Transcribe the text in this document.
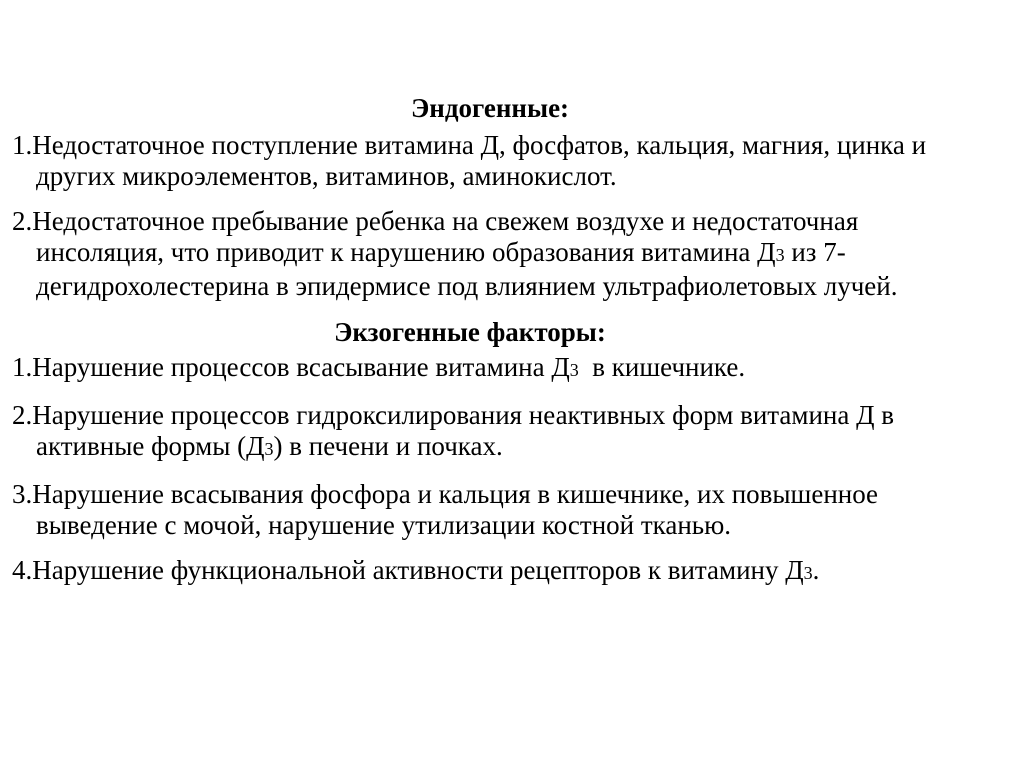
Эндогенные:

1.Недостаточное поступление витамина Д, фосфатов, кальция, магния, цинка и других микроэлементов, витаминов, аминокислот.
2.Недостаточное пребывание ребенка на свежем воздухе и недостаточная инсоляция, что приводит к нарушению образования витамина Д3 из 7-дегидрохолестерина в эпидермисе под влиянием ультрафиолетовых лучей.

Экзогенные факторы:

1.Нарушение процессов всасывание витамина Д3  в кишечнике.
2.Нарушение процессов гидроксилирования неактивных форм витамина Д в активные формы (Д3) в печени и почках.
3.Нарушение всасывания фосфора и кальция в кишечнике, их повышенное выведение с мочой, нарушение утилизации костной тканью.
4.Нарушение функциональной активности рецепторов к витамину Д3.
